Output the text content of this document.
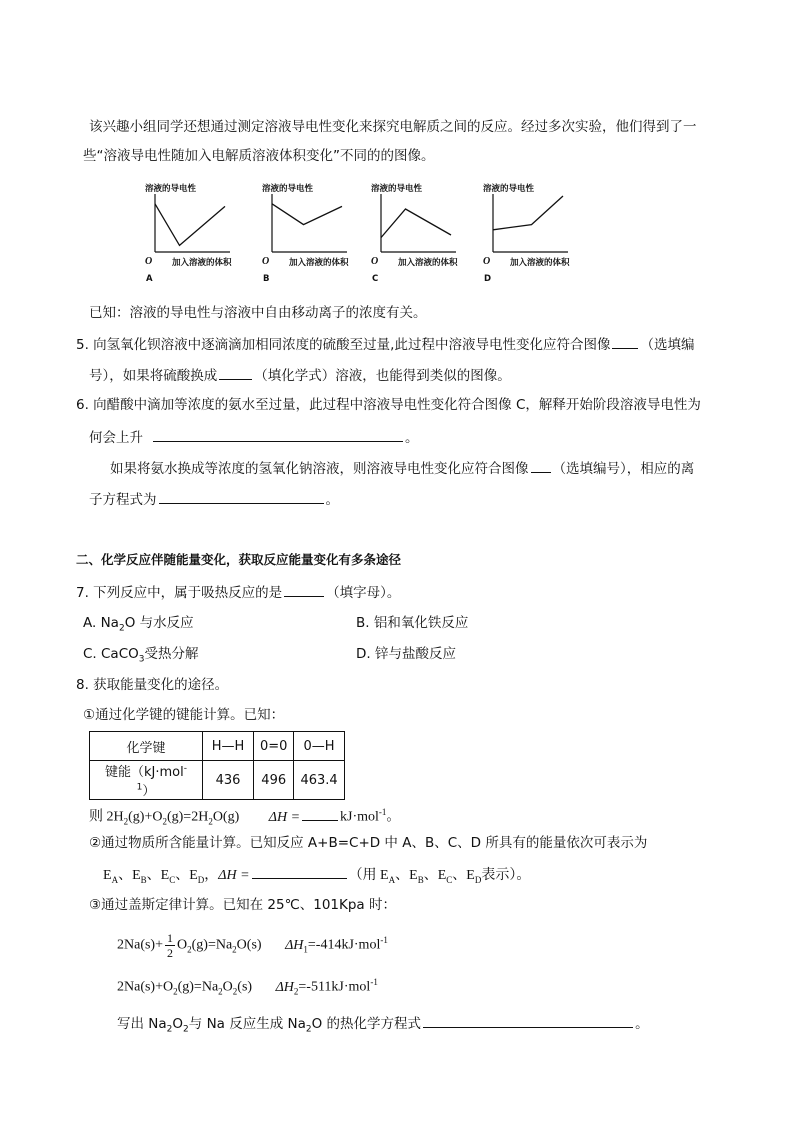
该兴趣小组同学还想通过测定溶液导电性变化来探究电解质之间的反应。经过多次实验，他们得到了一
些“溶液导电性随加入电解质溶液体积变化”不同的的图像。
溶液的导电性
O 加入溶液的体积
A
溶液的导电性
O 加入溶液的体积
B
溶液的导电性
O 加入溶液的体积
C
溶液的导电性
O 加入溶液的体积
D
已知：溶液的导电性与溶液中自由移动离子的浓度有关。
5. 向氢氧化钡溶液中逐滴滴加相同浓度的硫酸至过量,此过程中溶液导电性变化应符合图像 （选填编
号），如果将硫酸换成	（填化学式）溶液，也能得到类似的图像。
6. 向醋酸中滴加等浓度的氨水至过量，此过程中溶液导电性变化符合图像 C，解释开始阶段溶液导电性为
何会上升	。
如果将氨水换成等浓度的氢氧化钠溶液，则溶液导电性变化应符合图像 （选填编号），相应的离
子方程式为	。
二、化学反应伴随能量变化，获取反应能量变化有多条途径
7. 下列反应中，属于吸热反应的是	（填字母）。
A. $Na_2O$ 与水反应	B. 铝和氧化铁反应
C. CaCO$_3$受热分解	D. 锌与盐酸反应
8. 获取能量变化的途径。
①通过化学键的键能计算。已知：
化学键	H—H	0=0	0—H
键能（kJ·mol$^{-1}$）	436	496	463.4
则 $2H_2(g)+O_2(g)=2H_2O(g) \Delta H$ =	kJ·mol$^{-1}$。
②通过物质所含能量计算。已知反应 A+B=C+D 中 A、B、C、D 所具有的能量依次可表示为
$E_A$、$E_B$、$E_C$、$E_D$，ΔH =	（用 $E_A$、$E_B$、$E_C$、$E_D$表示）。
③通过盖斯定律计算。已知在 25℃、101Kpa 时：
$2Na(s)+ \frac{1}{2} O_2(g)=Na_2O(s)$ $\Delta H_1=-414kJ\cdot mol^{-1}$
$2Na(s)+O_2(g)=Na_2O_2(s)$ $\Delta H_2=-511kJ\cdot mol^{-1}$
写出 $Na_2O_2$与 Na 反应生成 $Na_2O$ 的热化学方程式	。
